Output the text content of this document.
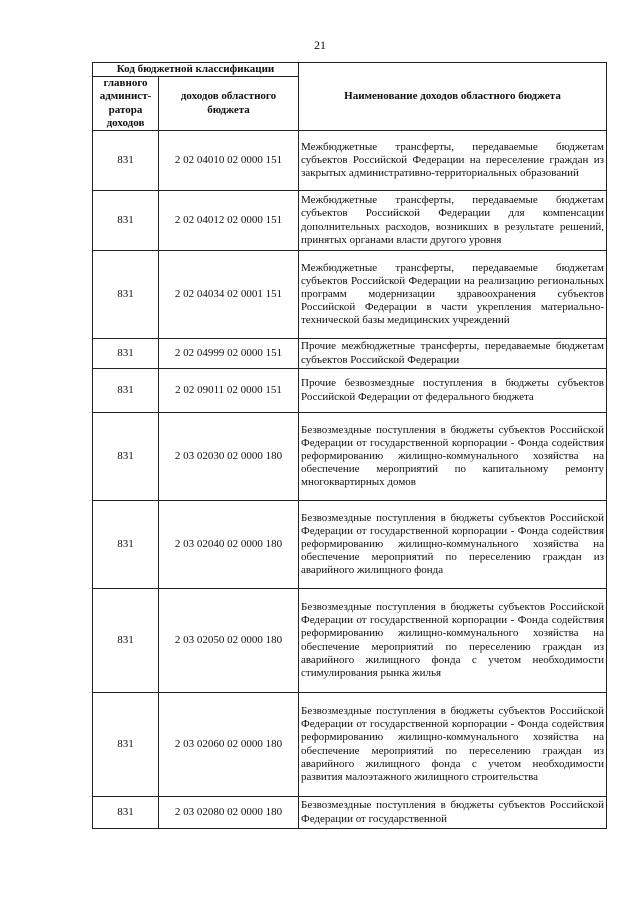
21
Код бюджетной классификации		Наименование доходов областного бюджета
главного админист-ратора доходов	доходов областного бюджета	
831	2 02 04010 02 0000 151	Межбюджетные трансферты, передаваемые бюджетам субъектов Российской Федерации на переселение граждан из закрытых административно-территориальных образований
831	2 02 04012 02 0000 151	Межбюджетные трансферты, передаваемые бюджетам субъектов Российской Федерации для компенсации дополнительных расходов, возникших в результате решений, принятых органами власти другого уровня
831	2 02 04034 02 0001 151	Межбюджетные трансферты, передаваемые бюджетам субъектов Российской Федерации на реализацию региональных программ модернизации здравоохранения субъектов Российской Федерации в части укрепления материально-технической базы медицинских учреждений
831	2 02 04999 02 0000 151	Прочие межбюджетные трансферты, передаваемые бюджетам субъектов Российской Федерации
831	2 02 09011 02 0000 151	Прочие безвозмездные поступления в бюджеты субъектов Российской Федерации от федерального бюджета
831	2 03 02030 02 0000 180	Безвозмездные поступления в бюджеты субъектов Российской Федерации от государственной корпорации - Фонда содействия реформированию жилищно-коммунального хозяйства на обеспечение мероприятий по капитальному ремонту многоквартирных домов
831	2 03 02040 02 0000 180	Безвозмездные поступления в бюджеты субъектов Российской Федерации от государственной корпорации - Фонда содействия реформированию жилищно-коммунального хозяйства на обеспечение мероприятий по переселению граждан из аварийного жилищного фонда
831	2 03 02050 02 0000 180	Безвозмездные поступления в бюджеты субъектов Российской Федерации от государственной корпорации - Фонда содействия реформированию жилищно-коммунального хозяйства на обеспечение мероприятий по переселению граждан из аварийного жилищного фонда с учетом необходимости стимулирования рынка жилья
831	2 03 02060 02 0000 180	Безвозмездные поступления в бюджеты субъектов Российской Федерации от государственной корпорации - Фонда содействия реформированию жилищно-коммунального хозяйства на обеспечение мероприятий по переселению граждан из аварийного жилищного фонда с учетом необходимости развития малоэтажного жилищного строительства
831	2 03 02080 02 0000 180	Безвозмездные поступления в бюджеты субъектов Российской Федерации от государственной
